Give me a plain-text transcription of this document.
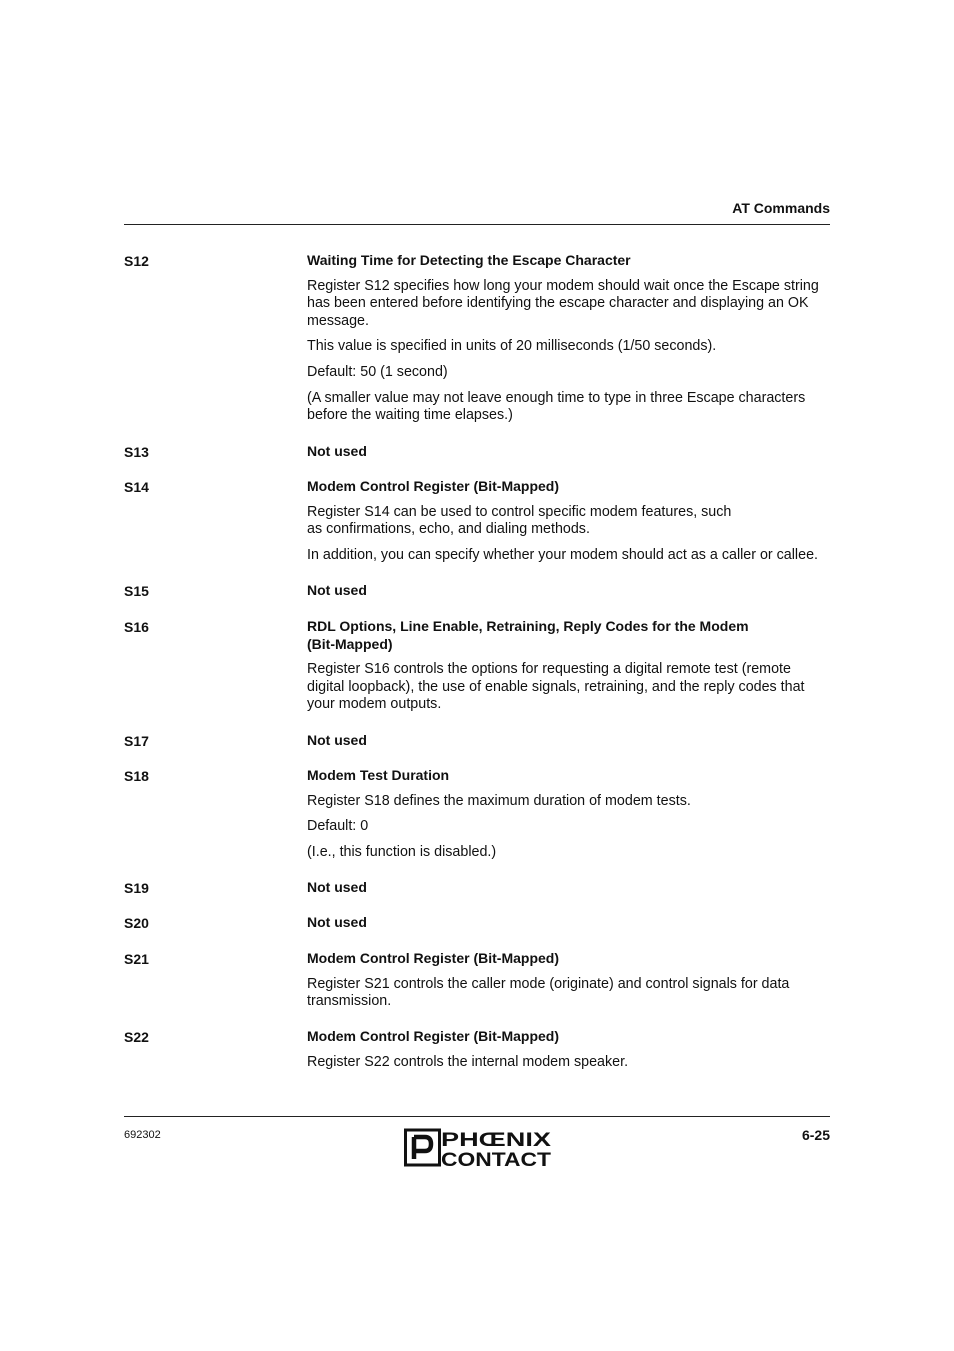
AT Commands
S12	Waiting Time for Detecting the Escape Character

Register S12 specifies how long your modem should wait once the Escape string has been entered before identifying the escape character and displaying an OK message.

This value is specified in units of 20 milliseconds (1/50 seconds).

Default: 50 (1 second)

(A smaller value may not leave enough time to type in three Escape characters before the waiting time elapses.)

S13	Not used
S14	Modem Control Register (Bit-Mapped)

Register S14 can be used to control specific modem features, such as confirmations, echo, and dialing methods.

In addition, you can specify whether your modem should act as a caller or callee.

S15	Not used
S16	RDL Options, Line Enable, Retraining, Reply Codes for the Modem (Bit-Mapped)

Register S16 controls the options for requesting a digital remote test (remote digital loopback), the use of enable signals, retraining, and the reply codes that your modem outputs.

S17	Not used
S18	Modem Test Duration

Register S18 defines the maximum duration of modem tests.

Default: 0

(I.e., this function is disabled.)

S19	Not used
S20	Not used
S21	Modem Control Register (Bit-Mapped)

Register S21 controls the caller mode (originate) and control signals for data transmission.

S22	Modem Control Register (Bit-Mapped)

Register S22 controls the internal modem speaker.

692302	6-25
PHŒNIX
CONTACT
